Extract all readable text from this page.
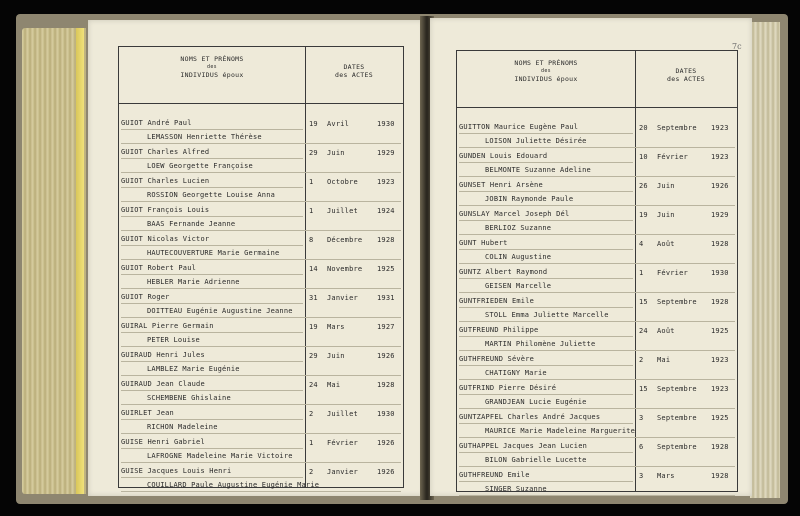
NOMS ET PRÉNOMS
des
INDIVIDUS époux
DATES
des ACTES
GUIOT André Paul
LEMASSON Henriette Thérèse
19 Avril	1930
GUIOT Charles Alfred
LOEW Georgette Françoise
29 Juin	1929
GUIOT Charles Lucien
ROSSION Georgette Louise Anna
1 Octobre	1923
GUIOT François Louis
BAAS Fernande Jeanne
1 Juillet	1924
GUIOT Nicolas Victor
HAUTECOUVERTURE Marie Germaine
8 Décembre 1928
GUIOT Robert Paul
HEBLER Marie Adrienne
14 Novembre 1925
GUIOT Roger
DOITTEAU Eugénie Augustine Jeanne
31 Janvier	1931
GUIRAL Pierre Germain
PETER Louise
19 Mars	1927
GUIRAUD Henri Jules
LAMBLEZ Marie Eugénie
29 Juin	1926
GUIRAUD Jean Claude
SCHEMBENE Ghislaine
24 Mai	1928
GUIRLET Jean
RICHON Madeleine
2 Juillet	1930
GUISE Henri Gabriel
LAFROGNE Madeleine Marie Victoire
1 Février	1926
GUISE Jacques Louis Henri
COUILLARD Paule Augustine Eugénie Marie
2 Janvier	1926
NOMS ET PRÉNOMS
des
INDIVIDUS époux
DATES
des ACTES
GUITTON Maurice Eugène Paul
LOISON Juliette Désirée
20 Septembre 1923
GUNDEN Louis Edouard
BELMONTE Suzanne Adeline
10 Février	1923
GUNSET Henri Arsène
JOBIN Raymonde Paule
26 Juin	1926
GUNSLAY Marcel Joseph Dél
BERLIOZ Suzanne
19 Juin	1929
GUNT Hubert
COLIN Augustine
4 Août	1928
GUNTZ Albert Raymond
GEISEN Marcelle
1 Février	1930
GUNTFRIEDEN Emile
STOLL Emma Juliette Marcelle
15 Septembre 1928
GUTFREUND Philippe
MARTIN Philomène Juliette
24 Août	1925
GUTHFREUND Sévère
CHATIGNY Marie
2 Mai	1923
GUTFRIND Pierre Désiré
GRANDJEAN Lucie Eugénie
15 Septembre 1923
GUNTZAPFEL Charles André Jacques
MAURICE Marie Madeleine Marguerite
3 Septembre 1925
GUTHAPPEL Jacques Jean Lucien
BILON Gabrielle Lucette
6 Septembre 1928
GUTHFREUND Emile
SINGER Suzanne
3 Mars	1928
7c
